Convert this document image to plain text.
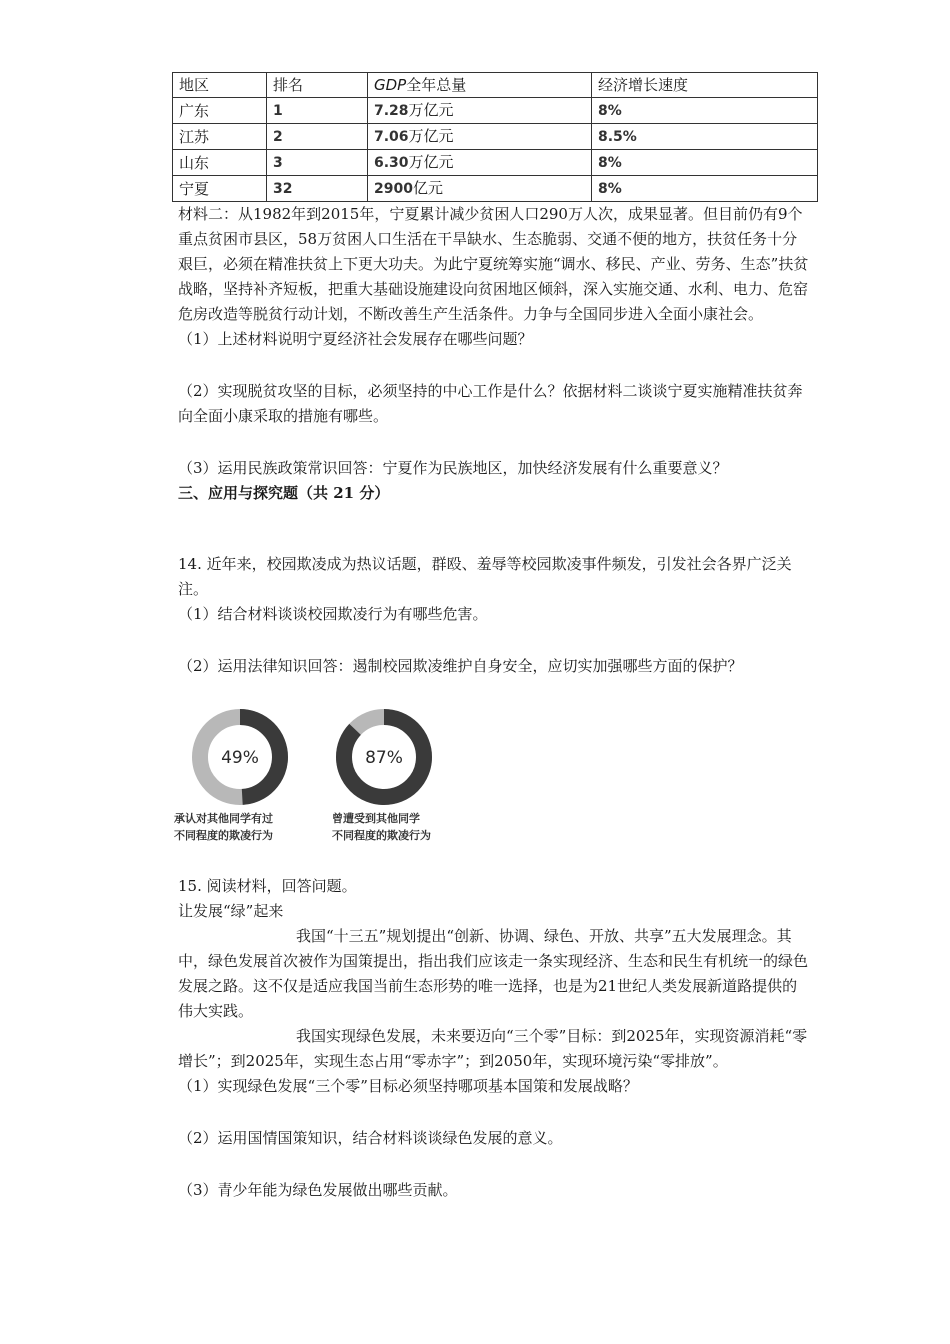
地区	排名	GDP全年总量	经济增长速度
广东	1	7.28万亿元	8%
江苏	2	7.06万亿元	8.5%
山东	3	6.30万亿元	8%
宁夏	32	2900亿元	8%

材料二：从1982年到2015年，宁夏累计减少贫困人口290万人次，成果显著。但目前仍有9个重点贫困市县区，58万贫困人口生活在干旱缺水、生态脆弱、交通不便的地方，扶贫任务十分艰巨，必须在精准扶贫上下更大功夫。为此宁夏统筹实施“调水、移民、产业、劳务、生态”扶贫战略，坚持补齐短板，把重大基础设施建设向贫困地区倾斜，深入实施交通、水利、电力、危窑危房改造等脱贫行动计划，不断改善生产生活条件。力争与全国同步进入全面小康社会。

（1）上述材料说明宁夏经济社会发展存在哪些问题？

（2）实现脱贫攻坚的目标，必须坚持的中心工作是什么？依据材料二谈谈宁夏实施精准扶贫奔向全面小康采取的措施有哪些。

（3）运用民族政策常识回答：宁夏作为民族地区，加快经济发展有什么重要意义？

三、应用与探究题（共 21 分）

14. 近年来，校园欺凌成为热议话题，群殴、羞辱等校园欺凌事件频发，引发社会各界广泛关注。

（1）结合材料谈谈校园欺凌行为有哪些危害。

（2）运用法律知识回答：遏制校园欺凌维护自身安全，应切实加强哪些方面的保护？

49%	87%
承认对其他同学有过
不同程度的欺凌行为
曾遭受到其他同学
不同程度的欺凌行为

15. 阅读材料，回答问题。

让发展“绿”起来

我国“十三五”规划提出“创新、协调、绿色、开放、共享”五大发展理念。其中，绿色发展首次被作为国策提出，指出我们应该走一条实现经济、生态和民生有机统一的绿色发展之路。这不仅是适应我国当前生态形势的唯一选择，也是为21世纪人类发展新道路提供的伟大实践。

我国实现绿色发展，未来要迈向“三个零”目标：到2025年，实现资源消耗“零增长”；到2025年，实现生态占用“零赤字”；到2050年，实现环境污染“零排放”。

（1）实现绿色发展“三个零”目标必须坚持哪项基本国策和发展战略？

（2）运用国情国策知识，结合材料谈谈绿色发展的意义。

（3）青少年能为绿色发展做出哪些贡献。
